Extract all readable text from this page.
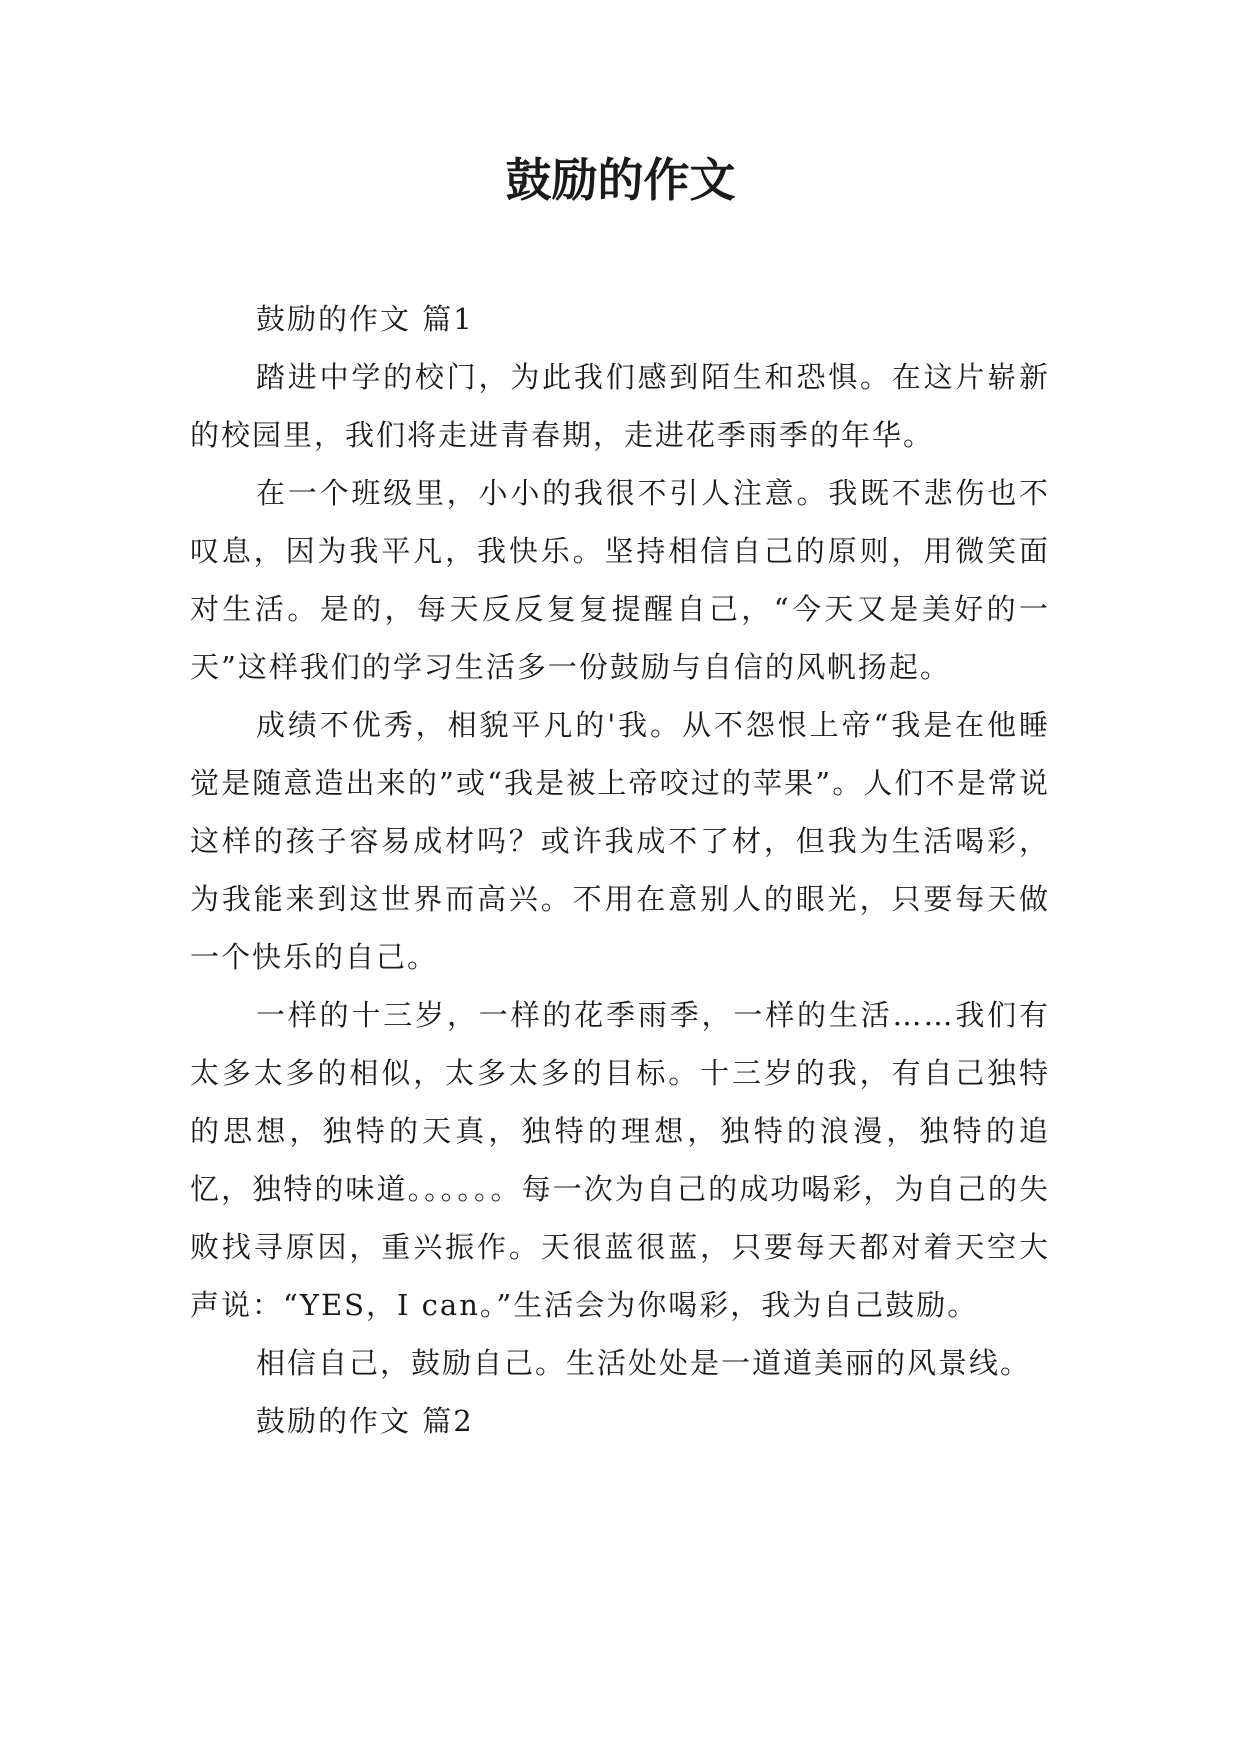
鼓励的作文

鼓励的作文 篇1

踏进中学的校门，为此我们感到陌生和恐惧。在这片崭新的校园里，我们将走进青春期，走进花季雨季的年华。

在一个班级里，小小的我很不引人注意。我既不悲伤也不叹息，因为我平凡，我快乐。坚持相信自己的原则，用微笑面对生活。是的，每天反反复复提醒自己，“今天又是美好的一天”这样我们的学习生活多一份鼓励与自信的风帆扬起。

成绩不优秀，相貌平凡的'我。从不怨恨上帝“我是在他睡觉是随意造出来的”或“我是被上帝咬过的苹果”。人们不是常说这样的孩子容易成材吗？或许我成不了材，但我为生活喝彩，为我能来到这世界而高兴。不用在意别人的眼光，只要每天做一个快乐的自己。

一样的十三岁，一样的花季雨季，一样的生活……我们有太多太多的相似，太多太多的目标。十三岁的我，有自己独特的思想，独特的天真，独特的理想，独特的浪漫，独特的追忆，独特的味道。。。。。。每一次为自己的成功喝彩，为自己的失败找寻原因，重兴振作。天很蓝很蓝，只要每天都对着天空大声说：“YES，I can。”生活会为你喝彩，我为自己鼓励。

相信自己，鼓励自己。生活处处是一道道美丽的风景线。

鼓励的作文 篇2
